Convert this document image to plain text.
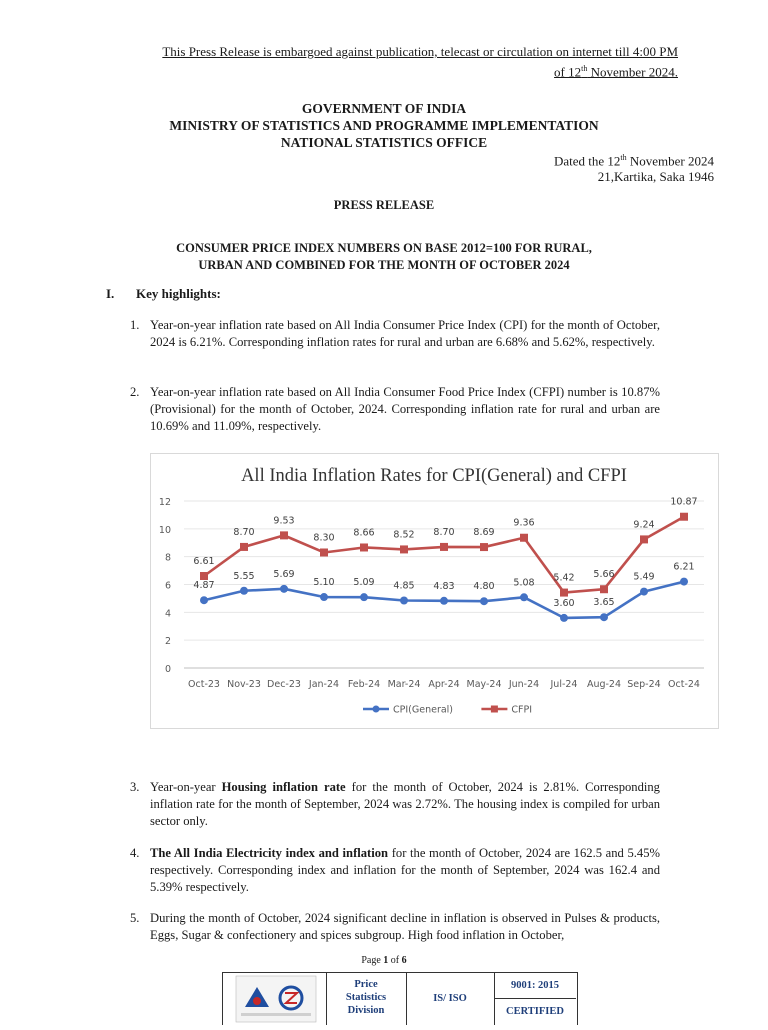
This Press Release is embargoed against publication, telecast or circulation on internet till 4:00 PM
of 12th November 2024.
GOVERNMENT OF INDIA
MINISTRY OF STATISTICS AND PROGRAMME IMPLEMENTATION
NATIONAL STATISTICS OFFICE
Dated the 12th November 2024
21,Kartika, Saka 1946
PRESS RELEASE
CONSUMER PRICE INDEX NUMBERS ON BASE 2012=100 FOR RURAL,
URBAN AND COMBINED FOR THE MONTH OF OCTOBER 2024
I. Key highlights:
1. Year-on-year inflation rate based on All India Consumer Price Index (CPI) for the month of October, 2024 is 6.21%. Corresponding inflation rates for rural and urban are 6.68% and 5.62%, respectively.
2. Year-on-year inflation rate based on All India Consumer Food Price Index (CFPI) number is 10.87% (Provisional) for the month of October, 2024. Corresponding inflation rate for rural and urban are 10.69% and 11.09%, respectively.
All India Inflation Rates for CPI(General) and CFPI
0
2
4
6
8
10
12
Oct-23 Nov-23 Dec-23 Jan-24 Feb-24 Mar-24 Apr-24 May-24 Jun-24 Jul-24 Aug-24 Sep-24 Oct-24
4.87
5.55 5.69
5.10 5.09 4.85 4.83 4.80 5.08
3.60 3.65
5.49
6.21
6.61
8.70
9.53
8.30 8.66 8.52 8.70 8.69
9.36
5.42 5.66
9.24
10.87
CPI(General)	CFPI
3. Year-on-year Housing inflation rate for the month of October, 2024 is 2.81%. Corresponding inflation rate for the month of September, 2024 was 2.72%. The housing index is compiled for urban sector only.
4. The All India Electricity index and inflation for the month of October, 2024 are 162.5 and 5.45% respectively. Corresponding index and inflation for the month of September, 2024 was 162.4 and 5.39% respectively.
5. During the month of October, 2024 significant decline in inflation is observed in Pulses & products, Eggs, Sugar & confectionery and spices subgroup. High food inflation in October,
Page 1 of 6
Price
Statistics
Division
IS/ ISO
9001: 2015
CERTIFIED
